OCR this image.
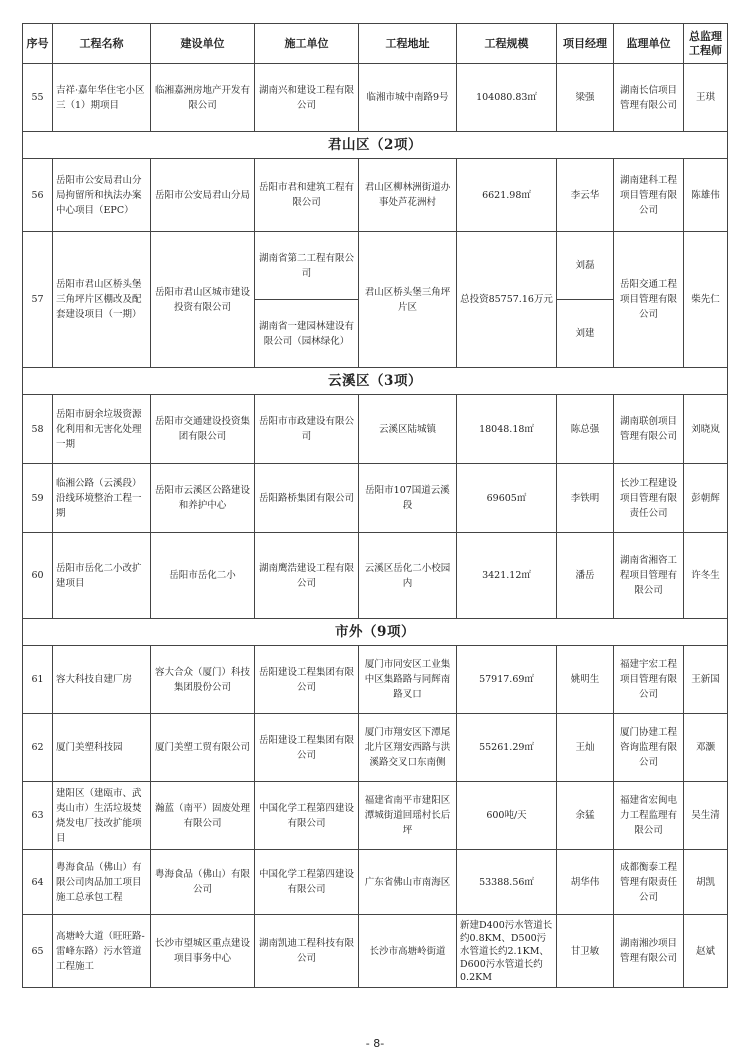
序号	工程名称	建设单位	施工单位	工程地址	工程规模	项目经理	监理单位	总监理工程师
55	吉祥·嘉年华住宅小区三（1）期项目	临湘嘉洲房地产开发有限公司	湖南兴和建设工程有限公司	临湘市城中南路9号	104080.83㎡	梁强	湖南长信项目管理有限公司	王琪
君山区（2项）								
56	岳阳市公安局君山分局拘留所和执法办案中心项目（EPC）	岳阳市公安局君山分局	岳阳市君和建筑工程有限公司	君山区柳林洲街道办事处芦花洲村	6621.98㎡	李云华	湖南建科工程项目管理有限公司	陈雄伟
57	岳阳市君山区桥头堡三角坪片区棚改及配套建设项目（一期）	岳阳市君山区城市建设投资有限公司	湖南省第二工程有限公司	君山区桥头堡三角坪片区	总投资85757.16万元	刘磊	岳阳交通工程项目管理有限公司	柴先仁
			湖南省一建园林建设有限公司（园林绿化）			刘建		
云溪区（3项）								
58	岳阳市厨余垃圾资源化利用和无害化处理一期	岳阳市交通建设投资集团有限公司	岳阳市市政建设有限公司	云溪区陆城镇	18048.18㎡	陈总强	湖南联创项目管理有限公司	刘晓岚
59	临湘公路（云溪段）沿线环境整治工程一期	岳阳市云溪区公路建设和养护中心	岳阳路桥集团有限公司	岳阳市107国道云溪段	69605㎡	李铁明	长沙工程建设项目管理有限责任公司	彭朝辉
60	岳阳市岳化二小改扩建项目	岳阳市岳化二小	湖南鹰浩建设工程有限公司	云溪区岳化二小校园内	3421.12㎡	潘岳	湖南省湘咨工程项目管理有限公司	许冬生
市外（9项）								
61	容大科技自建厂房	容大合众（厦门）科技集团股份公司	岳阳建设工程集团有限公司	厦门市同安区工业集中区集路路与同辉南路叉口	57917.69㎡	姚明生	福建宇宏工程项目管理有限公司	王新国
62	厦门美塑科技园	厦门美塑工贸有限公司	岳阳建设工程集团有限公司	厦门市翔安区下潭尾北片区翔安西路与洪溪路交叉口东南侧	55261.29㎡	王灿	厦门协建工程咨询监理有限公司	邓灏
63	建阳区（建瓯市、武夷山市）生活垃圾焚烧发电厂技改扩能项目	瀚蓝（南平）固废处理有限公司	中国化学工程第四建设有限公司	福建省南平市建阳区潭城街道回瑶村长后坪	600吨/天	余猛	福建省宏闽电力工程监理有限公司	吴生清
64	粤海食品（佛山）有限公司肉品加工项目施工总承包工程	粤海食品（佛山）有限公司	中国化学工程第四建设有限公司	广东省佛山市南海区	53388.56㎡	胡华伟	成都衡泰工程管理有限责任公司	胡凯
65	高塘岭大道（旺旺路-雷峰东路）污水管道工程施工	长沙市望城区重点建设项目事务中心	湖南凯迪工程科技有限公司	长沙市高塘岭街道	新建D400污水管道长约0.8KM、D500污水管道长约2.1KM、D600污水管道长约0.2KM	甘卫敏	湖南湘沙项目管理有限公司	赵斌
- 8-
